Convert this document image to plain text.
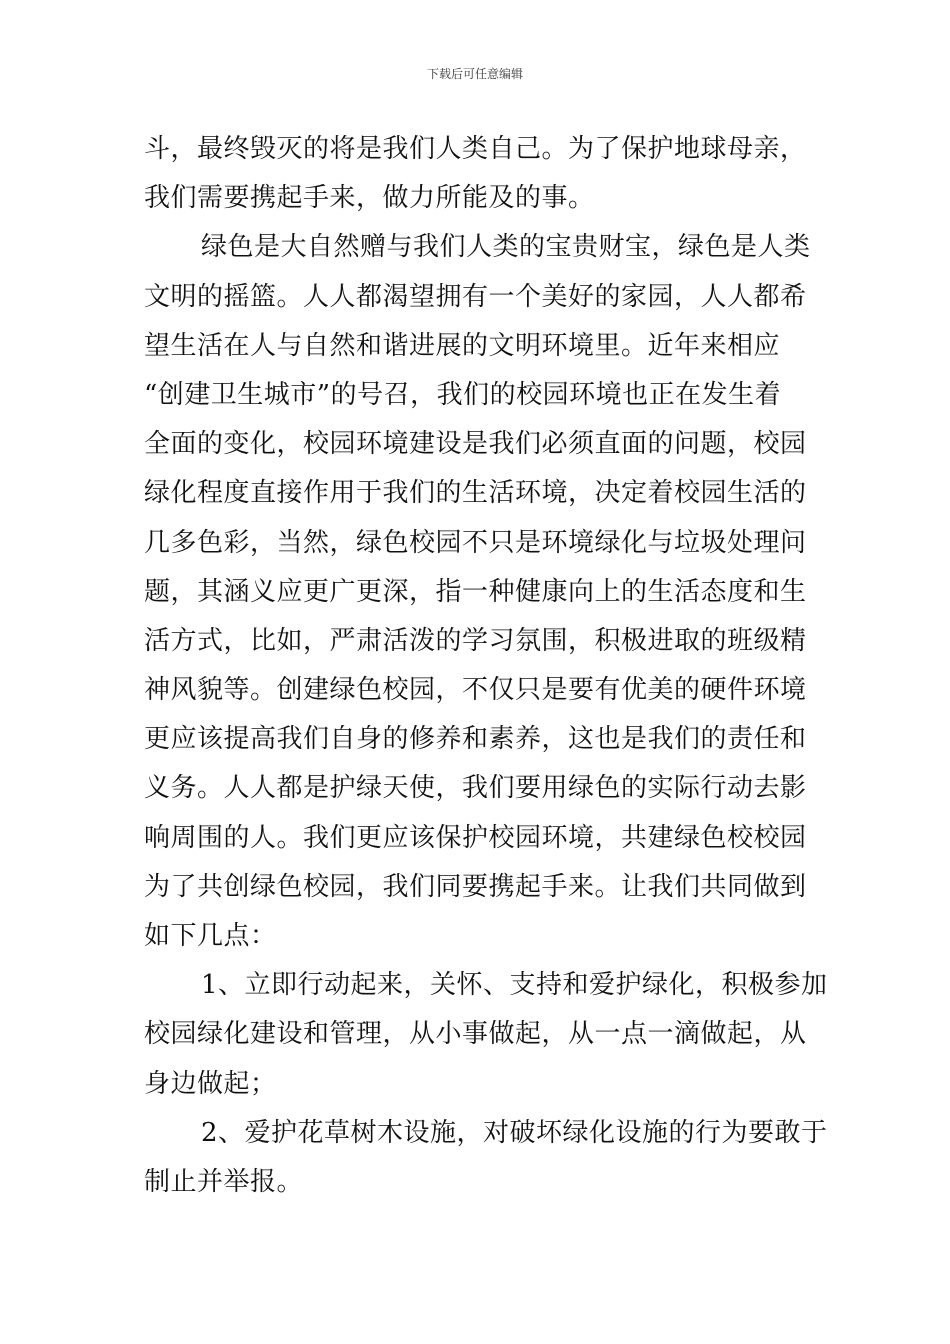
下载后可任意编辑
斗，最终毁灭的将是我们人类自己。为了保护地球母亲，
我们需要携起手来，做力所能及的事。
绿色是大自然赠与我们人类的宝贵财宝，绿色是人类
文明的摇篮。人人都渴望拥有一个美好的家园，人人都希
望生活在人与自然和谐进展的文明环境里。近年来相应
“创建卫生城市”的号召，我们的校园环境也正在发生着
全面的变化，校园环境建设是我们必须直面的问题，校园
绿化程度直接作用于我们的生活环境，决定着校园生活的
几多色彩，当然，绿色校园不只是环境绿化与垃圾处理问
题，其涵义应更广更深，指一种健康向上的生活态度和生
活方式，比如，严肃活泼的学习氛围，积极进取的班级精
神风貌等。创建绿色校园，不仅只是要有优美的硬件环境
更应该提高我们自身的修养和素养，这也是我们的责任和
义务。人人都是护绿天使，我们要用绿色的实际行动去影
响周围的人。我们更应该保护校园环境，共建绿色校校园
为了共创绿色校园，我们同要携起手来。让我们共同做到
如下几点：
1、立即行动起来，关怀、支持和爱护绿化，积极参加
校园绿化建设和管理，从小事做起，从一点一滴做起，从
身边做起；
2、爱护花草树木设施，对破坏绿化设施的行为要敢于
制止并举报。
